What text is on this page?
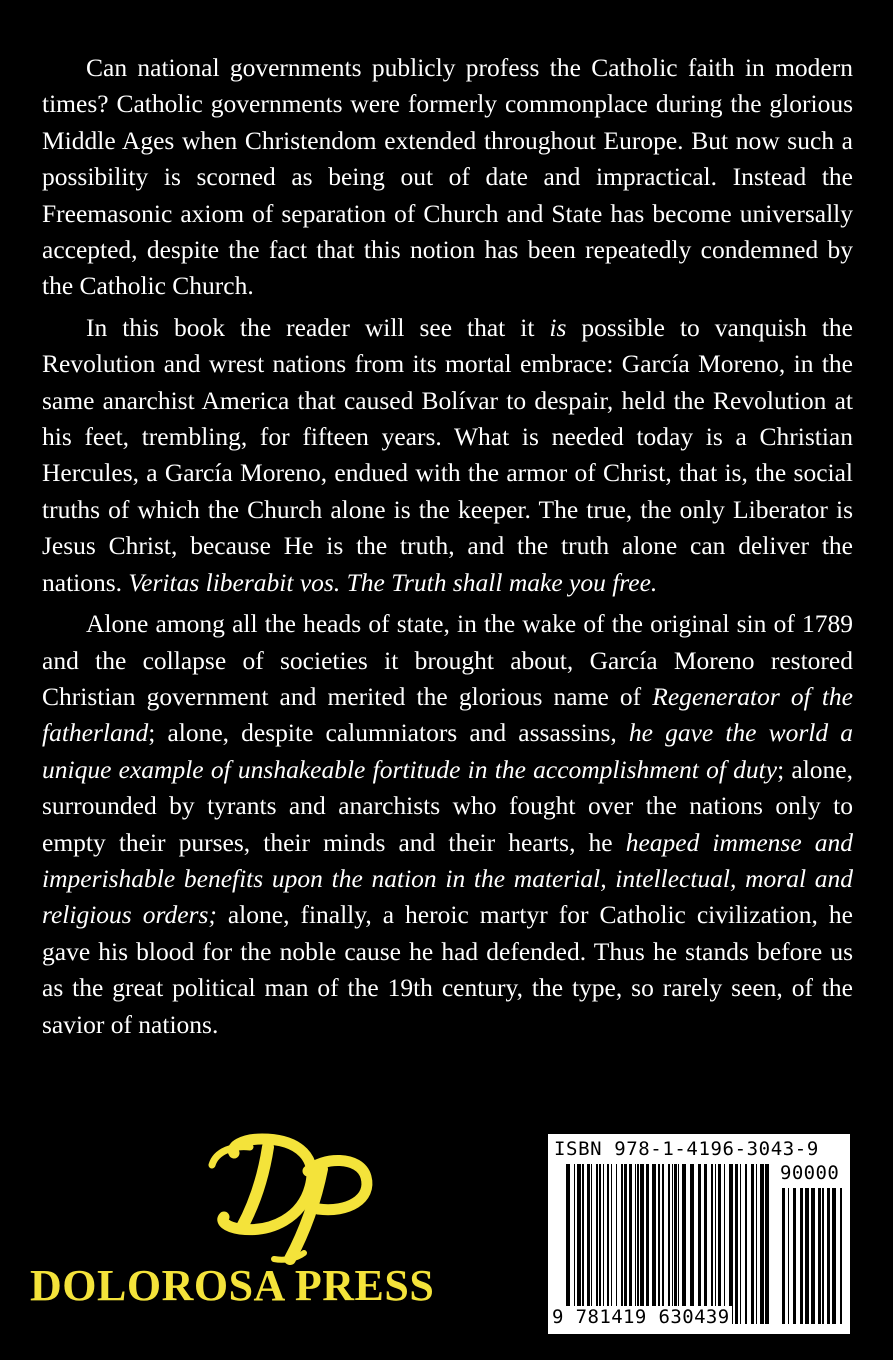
Can national governments publicly profess the Catholic faith in modern times? Catholic governments were formerly commonplace during the glorious Middle Ages when Christendom extended throughout Europe. But now such a possibility is scorned as being out of date and impractical. Instead the Freemasonic axiom of separation of Church and State has become universally accepted, despite the fact that this notion has been repeatedly condemned by the Catholic Church.

In this book the reader will see that it is possible to vanquish the Revolution and wrest nations from its mortal embrace: García Moreno, in the same anarchist America that caused Bolívar to despair, held the Revolution at his feet, trembling, for fifteen years. What is needed today is a Christian Hercules, a García Moreno, endued with the armor of Christ, that is, the social truths of which the Church alone is the keeper. The true, the only Liberator is Jesus Christ, because He is the truth, and the truth alone can deliver the nations. Veritas liberabit vos. The Truth shall make you free.

Alone among all the heads of state, in the wake of the original sin of 1789 and the collapse of societies it brought about, García Moreno restored Christian government and merited the glorious name of Regenerator of the fatherland; alone, despite calumniators and assassins, he gave the world a unique example of unshakeable fortitude in the accomplishment of duty; alone, surrounded by tyrants and anarchists who fought over the nations only to empty their purses, their minds and their hearts, he heaped immense and imperishable benefits upon the nation in the material, intellectual, moral and religious orders; alone, finally, a heroic martyr for Catholic civilization, he gave his blood for the noble cause he had defended. Thus he stands before us as the great political man of the 19th century, the type, so rarely seen, of the savior of nations.

DOLOROSA PRESS
ISBN 978-1-4196-3043-9
90000
9 781419 630439
